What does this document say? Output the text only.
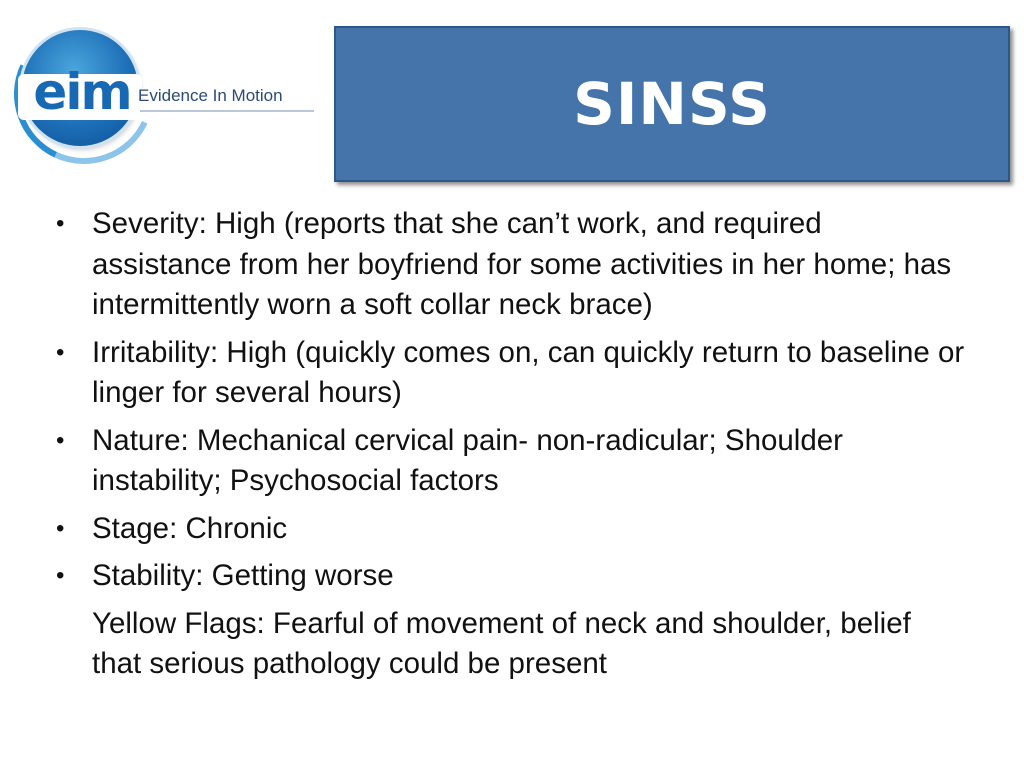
eim Evidence In Motion	SINSS
• Severity: High (reports that she can’t work, and required assistance from her boyfriend for some activities in her home; has intermittently worn a soft collar neck brace)
• Irritability: High (quickly comes on, can quickly return to baseline or linger for several hours)
• Nature: Mechanical cervical pain- non-radicular; Shoulder instability; Psychosocial factors
• Stage: Chronic
• Stability: Getting worse
Yellow Flags: Fearful of movement of neck and shoulder, belief that serious pathology could be present
